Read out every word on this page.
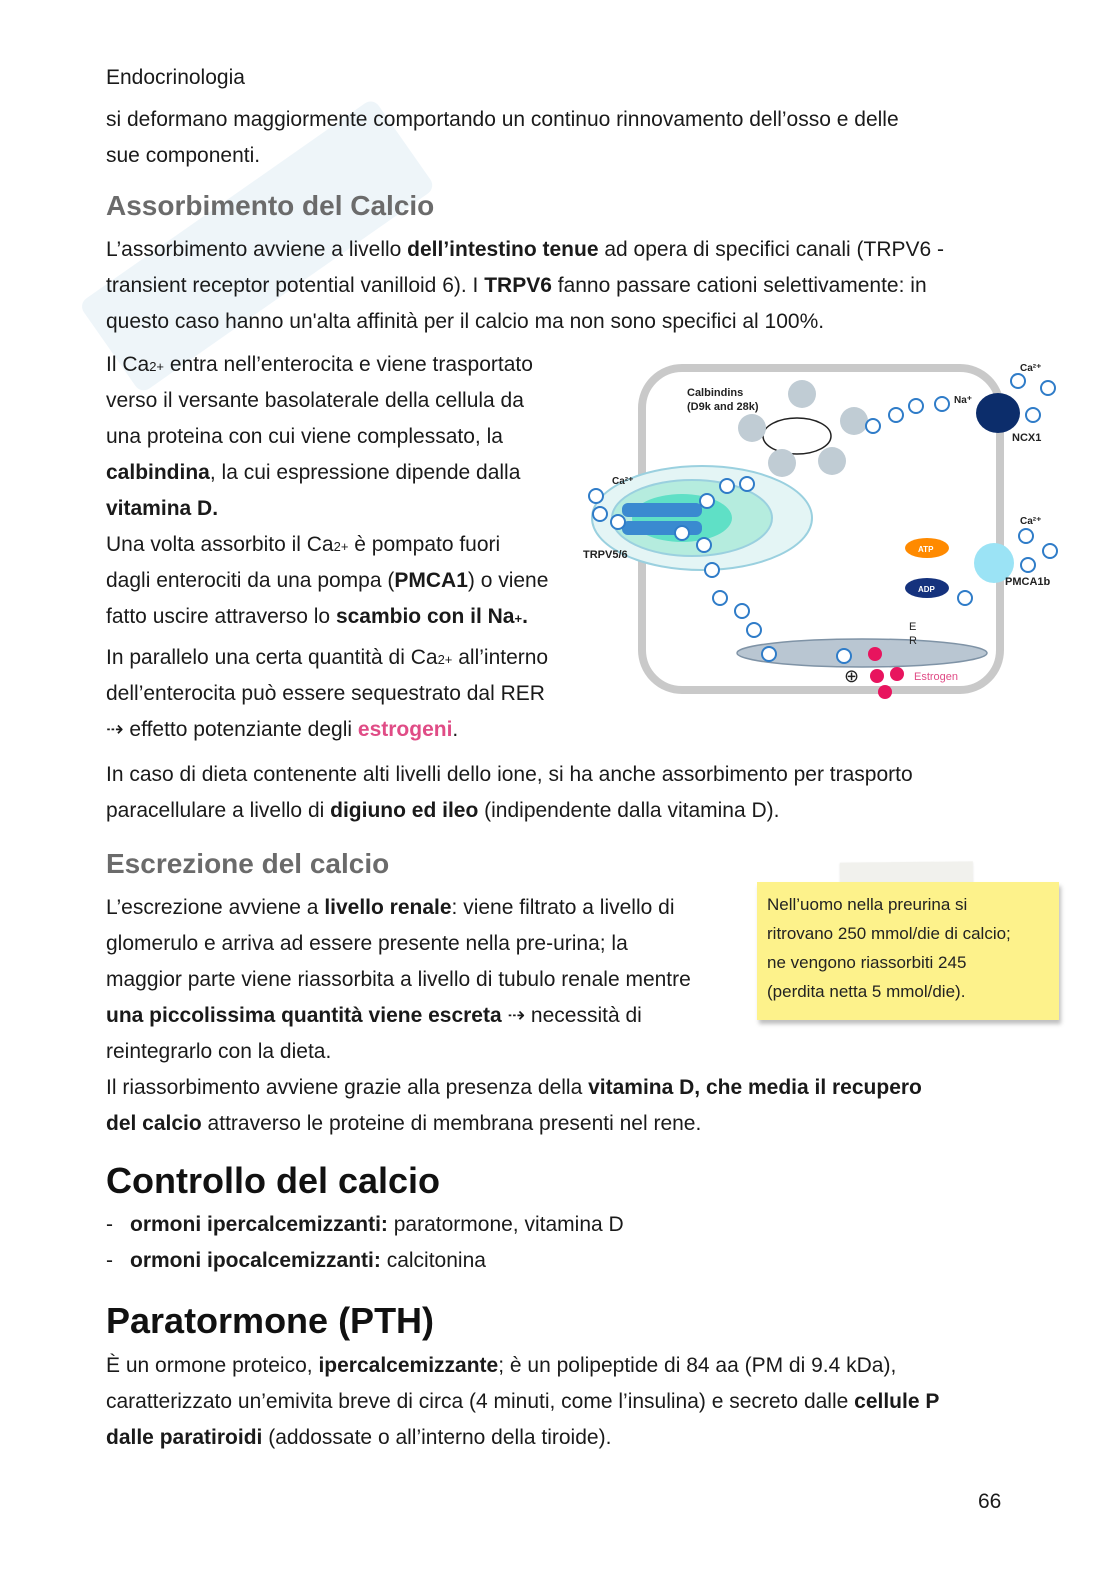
Endocrinologia

si deformano maggiormente comportando un continuo rinnovamento dell’osso e delle

sue componenti.

Assorbimento del Calcio

L’assorbimento avviene a livello dell’intestino tenue ad opera di specifici canali (TRPV6 -

transient receptor potential vanilloid 6). I TRPV6 fanno passare cationi selettivamente: in

questo caso hanno un'alta affinità per il calcio ma non sono specifici al 100%.

Il $Ca^{2+}$ entra nell’enterocita e viene trasportato

verso il versante basolaterale della cellula da

una proteina con cui viene complessato, la

calbindina, la cui espressione dipende dalla

vitamina D.

Una volta assorbito il $Ca^{2+}$ è pompato fuori

dagli enterociti da una pompa (PMCA1) o viene

fatto uscire attraverso lo scambio con il Na+.

In parallelo una certa quantità di $Ca^{2+}$ all’interno

dell’enterocita può essere sequestrato dal RER

⇢ effetto potenziante degli estrogeni.

In caso di dieta contenente alti livelli dello ione, si ha anche assorbimento per trasporto

paracellulare a livello di digiuno ed ileo (indipendente dalla vitamina D).

Calbindins
(D9k and 28k)
Ca²⁺
TRPV5/6
Ca²⁺
Na⁺
NCX1
Ca²⁺
PMCA1b
ATP
ADP
E
R
Estrogen
⊕
Escrezione del calcio

L’escrezione avviene a livello renale: viene filtrato a livello di

glomerulo e arriva ad essere presente nella pre-urina; la

maggior parte viene riassorbita a livello di tubulo renale mentre

una piccolissima quantità viene escreta ⇢ necessità di

reintegrarlo con la dieta.

Il riassorbimento avviene grazie alla presenza della vitamina D, che media il recupero

del calcio attraverso le proteine di membrana presenti nel rene.

Nell’uomo nella preurina si
ritrovano 250 mmol/die di calcio;
ne vengono riassorbiti 245
(perdita netta 5 mmol/die).
Controllo del calcio
- ormoni ipercalcemizzanti: paratormone, vitamina D
- ormoni ipocalcemizzanti: calcitonina
Paratormone (PTH)

È un ormone proteico, ipercalcemizzante; è un polipeptide di 84 aa (PM di 9.4 kDa),

caratterizzato un’emivita breve di circa (4 minuti, come l’insulina) e secreto dalle cellule P

dalle paratiroidi (addossate o all’interno della tiroide).

66
